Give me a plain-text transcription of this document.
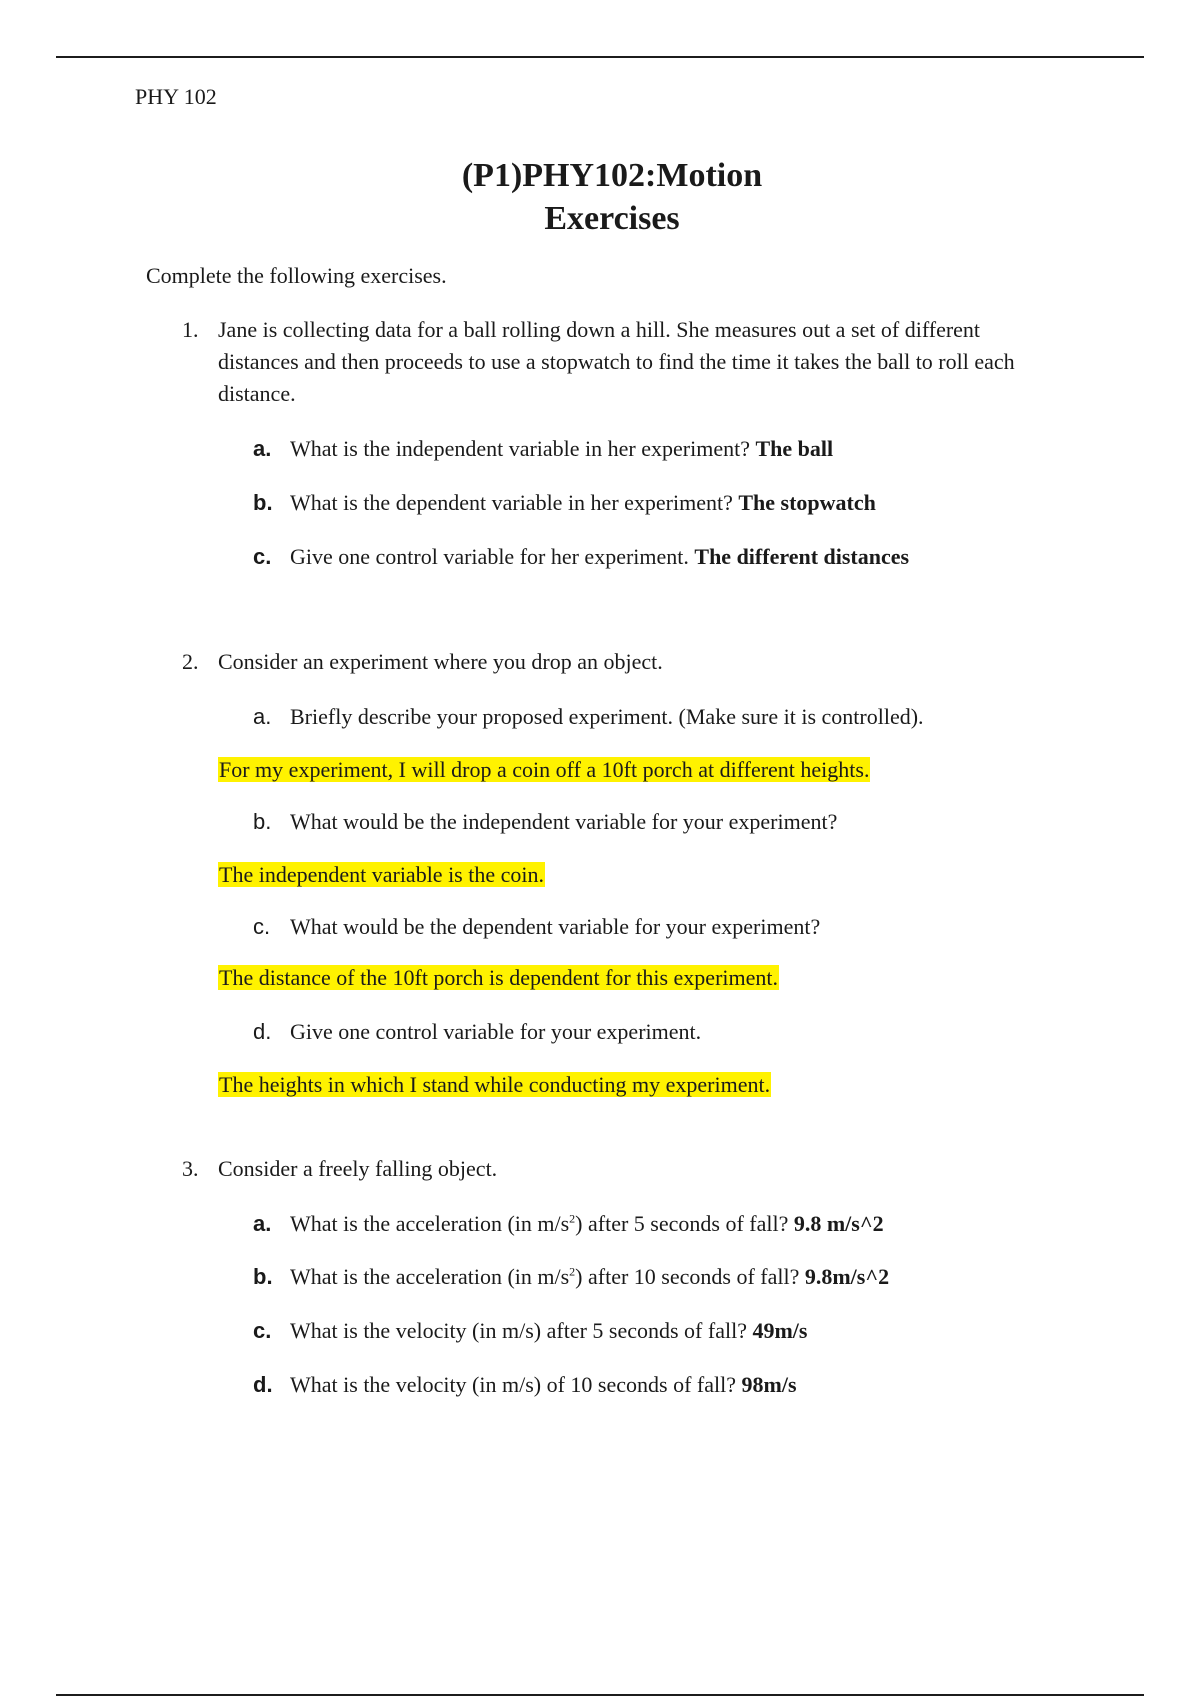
PHY 102
(P1)PHY102:Motion
Exercises
Complete the following exercises.
1. Jane is collecting data for a ball rolling down a hill. She measures out a set of different distances and then proceeds to use a stopwatch to find the time it takes the ball to roll each distance.
a. What is the independent variable in her experiment? The ball
b. What is the dependent variable in her experiment? The stopwatch
c. Give one control variable for her experiment. The different distances
2. Consider an experiment where you drop an object.
a. Briefly describe your proposed experiment. (Make sure it is controlled).
For my experiment, I will drop a coin off a 10ft porch at different heights.
b. What would be the independent variable for your experiment?
The independent variable is the coin.
c. What would be the dependent variable for your experiment?
The distance of the 10ft porch is dependent for this experiment.
d. Give one control variable for your experiment.
The heights in which I stand while conducting my experiment.
3. Consider a freely falling object.
a. What is the acceleration (in $m/s^2$) after 5 seconds of fall? 9.8 m/s^2
b. What is the acceleration (in $m/s^2$) after 10 seconds of fall? 9.8m/s^2
c. What is the velocity (in m/s) after 5 seconds of fall? 49m/s
d. What is the velocity (in m/s) of 10 seconds of fall? 98m/s
